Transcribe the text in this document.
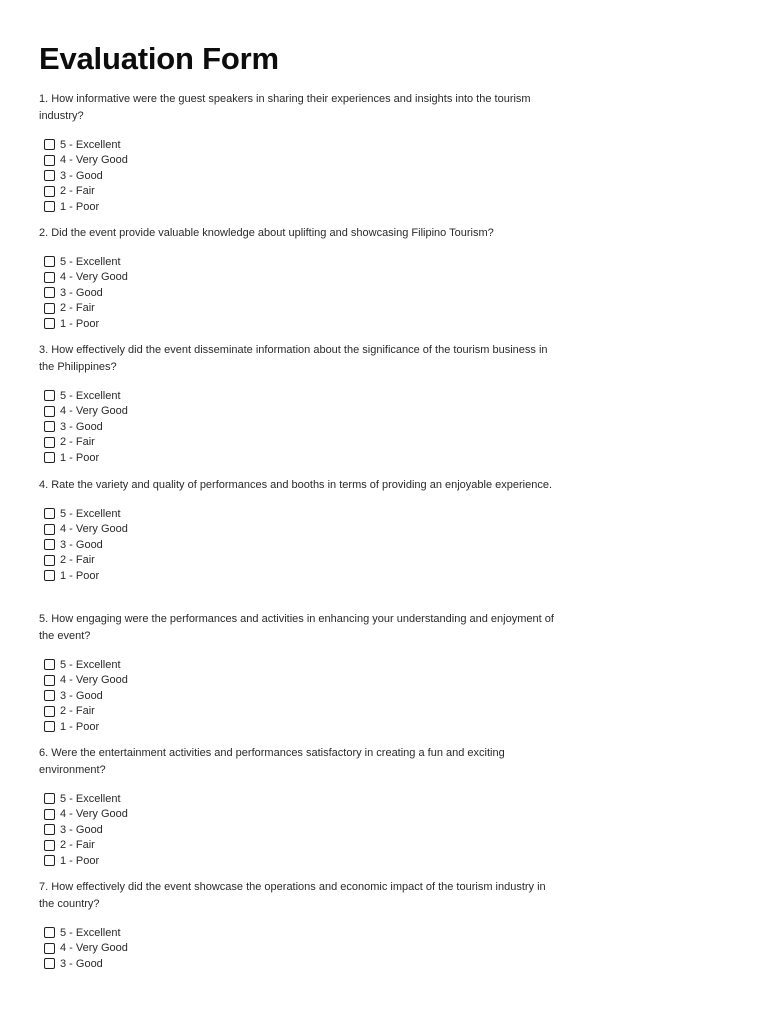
Evaluation Form

1. How informative were the guest speakers in sharing their experiences and insights into the tourism industry?

5 - Excellent
4 - Very Good
3 - Good
2 - Fair
1 - Poor

2. Did the event provide valuable knowledge about uplifting and showcasing Filipino Tourism?

5 - Excellent
4 - Very Good
3 - Good
2 - Fair
1 - Poor

3. How effectively did the event disseminate information about the significance of the tourism business in the Philippines?

5 - Excellent
4 - Very Good
3 - Good
2 - Fair
1 - Poor

4. Rate the variety and quality of performances and booths in terms of providing an enjoyable experience.

5 - Excellent
4 - Very Good
3 - Good
2 - Fair
1 - Poor

5. How engaging were the performances and activities in enhancing your understanding and enjoyment of the event?

5 - Excellent
4 - Very Good
3 - Good
2 - Fair
1 - Poor

6. Were the entertainment activities and performances satisfactory in creating a fun and exciting environment?

5 - Excellent
4 - Very Good
3 - Good
2 - Fair
1 - Poor

7. How effectively did the event showcase the operations and economic impact of the tourism industry in the country?

5 - Excellent
4 - Very Good
3 - Good
